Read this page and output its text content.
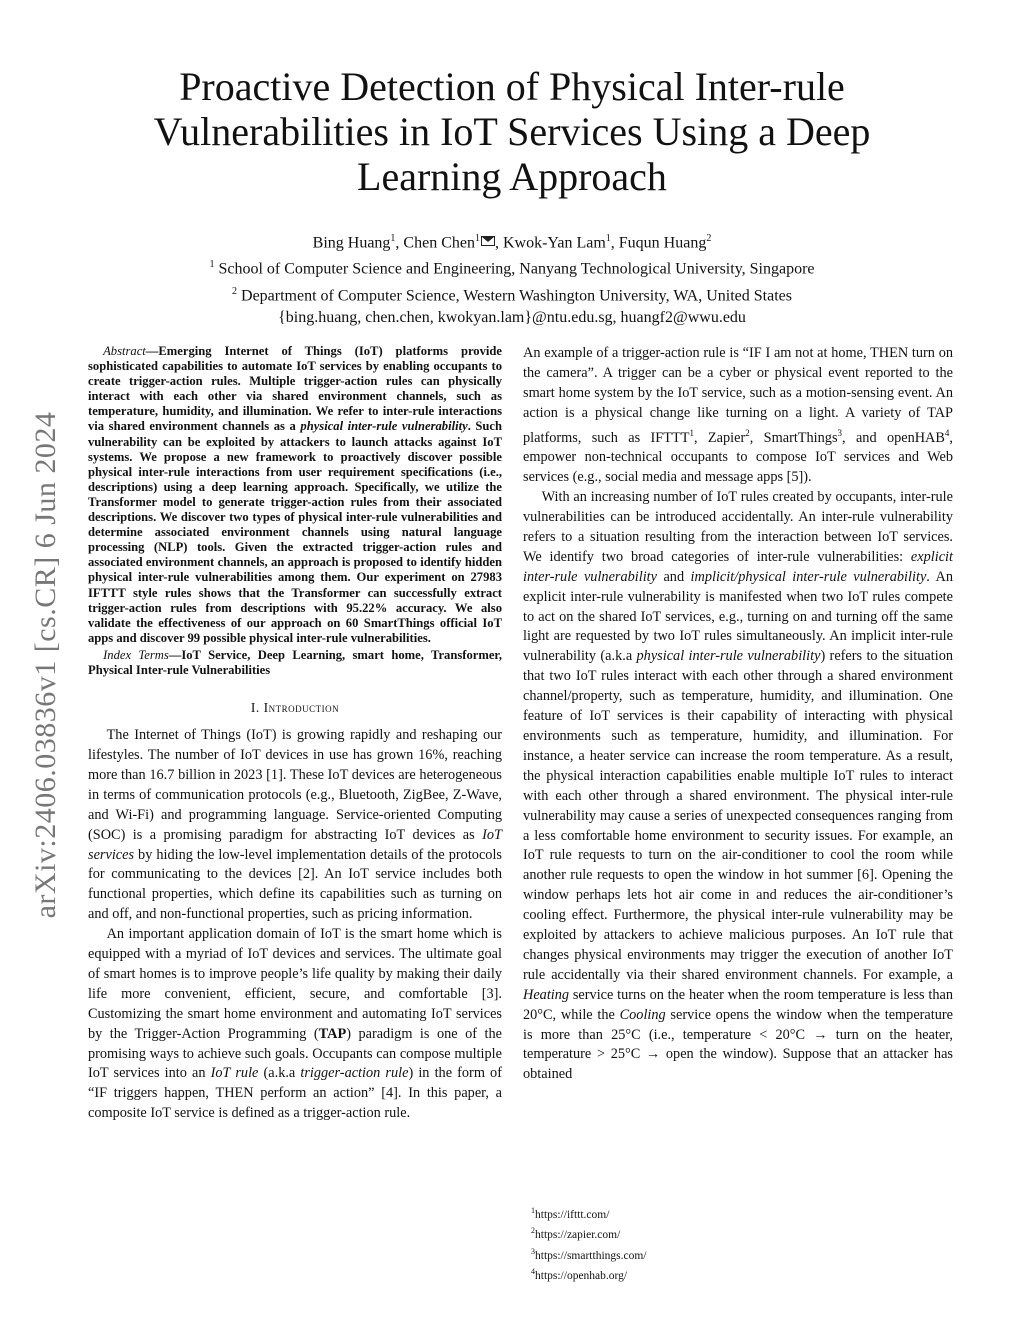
arXiv:2406.03836v1 [cs.CR] 6 Jun 2024
Proactive Detection of Physical Inter-rule Vulnerabilities in IoT Services Using a Deep Learning Approach
Bing Huang$^1$, Chen Chen$^1$ , Kwok-Yan Lam$^1$, Fuqun Huang$^2$
$^1$ School of Computer Science and Engineering, Nanyang Technological University, Singapore
$^2$ Department of Computer Science, Western Washington University, WA, United States
{bing.huang, chen.chen, kwokyan.lam}@ntu.edu.sg, huangf2@wwu.edu

Abstract—Emerging Internet of Things (IoT) platforms provide sophisticated capabilities to automate IoT services by enabling occupants to create trigger-action rules. Multiple trigger-action rules can physically interact with each other via shared environment channels, such as temperature, humidity, and illumination. We refer to inter-rule interactions via shared environment channels as a physical inter-rule vulnerability. Such vulnerability can be exploited by attackers to launch attacks against IoT systems. We propose a new framework to proactively discover possible physical inter-rule interactions from user requirement specifications (i.e., descriptions) using a deep learning approach. Specifically, we utilize the Transformer model to generate trigger-action rules from their associated descriptions. We discover two types of physical inter-rule vulnerabilities and determine associated environment channels using natural language processing (NLP) tools. Given the extracted trigger-action rules and associated environment channels, an approach is proposed to identify hidden physical inter-rule vulnerabilities among them. Our experiment on 27983 IFTTT style rules shows that the Transformer can successfully extract trigger-action rules from descriptions with 95.22% accuracy. We also validate the effectiveness of our approach on 60 SmartThings official IoT apps and discover 99 possible physical inter-rule vulnerabilities.

Index Terms—IoT Service, Deep Learning, smart home, Transformer, Physical Inter-rule Vulnerabilities

I. Introduction

The Internet of Things (IoT) is growing rapidly and reshaping our lifestyles. The number of IoT devices in use has grown 16%, reaching more than 16.7 billion in 2023 [1]. These IoT devices are heterogeneous in terms of communication protocols (e.g., Bluetooth, ZigBee, Z-Wave, and Wi-Fi) and programming language. Service-oriented Computing (SOC) is a promising paradigm for abstracting IoT devices as IoT services by hiding the low-level implementation details of the protocols for communicating to the devices [2]. An IoT service includes both functional properties, which define its capabilities such as turning on and off, and non-functional properties, such as pricing information.

An important application domain of IoT is the smart home which is equipped with a myriad of IoT devices and services. The ultimate goal of smart homes is to improve people’s life quality by making their daily life more convenient, efficient, secure, and comfortable [3]. Customizing the smart home environment and automating IoT services by the Trigger-Action Programming (TAP) paradigm is one of the promising ways to achieve such goals. Occupants can compose multiple IoT services into an IoT rule (a.k.a trigger-action rule) in the form of “IF triggers happen, THEN perform an action” [4]. In this paper, a composite IoT service is defined as a trigger-action rule.

An example of a trigger-action rule is “IF I am not at home, THEN turn on the camera”. A trigger can be a cyber or physical event reported to the smart home system by the IoT service, such as a motion-sensing event. An action is a physical change like turning on a light. A variety of TAP platforms, such as IFTTT$^1$, Zapier$^2$, SmartThings$^3$, and openHAB$^4$, empower non-technical occupants to compose IoT services and Web services (e.g., social media and message apps [5]).

With an increasing number of IoT rules created by occupants, inter-rule vulnerabilities can be introduced accidentally. An inter-rule vulnerability refers to a situation resulting from the interaction between IoT services. We identify two broad categories of inter-rule vulnerabilities: explicit inter-rule vulnerability and implicit/physical inter-rule vulnerability. An explicit inter-rule vulnerability is manifested when two IoT rules compete to act on the shared IoT services, e.g., turning on and turning off the same light are requested by two IoT rules simultaneously. An implicit inter-rule vulnerability (a.k.a physical inter-rule vulnerability) refers to the situation that two IoT rules interact with each other through a shared environment channel/property, such as temperature, humidity, and illumination. One feature of IoT services is their capability of interacting with physical environments such as temperature, humidity, and illumination. For instance, a heater service can increase the room temperature. As a result, the physical interaction capabilities enable multiple IoT rules to interact with each other through a shared environment. The physical inter-rule vulnerability may cause a series of unexpected consequences ranging from a less comfortable home environment to security issues. For example, an IoT rule requests to turn on the air-conditioner to cool the room while another rule requests to open the window in hot summer [6]. Opening the window perhaps lets hot air come in and reduces the air-conditioner’s cooling effect. Furthermore, the physical inter-rule vulnerability may be exploited by attackers to achieve malicious purposes. An IoT rule that changes physical environments may trigger the execution of another IoT rule accidentally via their shared environment channels. For example, a Heating service turns on the heater when the room temperature is less than 20°C, while the Cooling service opens the window when the temperature is more than 25°C (i.e., temperature < 20°C → turn on the heater, temperature > 25°C → open the window). Suppose that an attacker has obtained

$^1$https://ifttt.com/
$^2$https://zapier.com/
$^3$https://smartthings.com/
$^4$https://openhab.org/
